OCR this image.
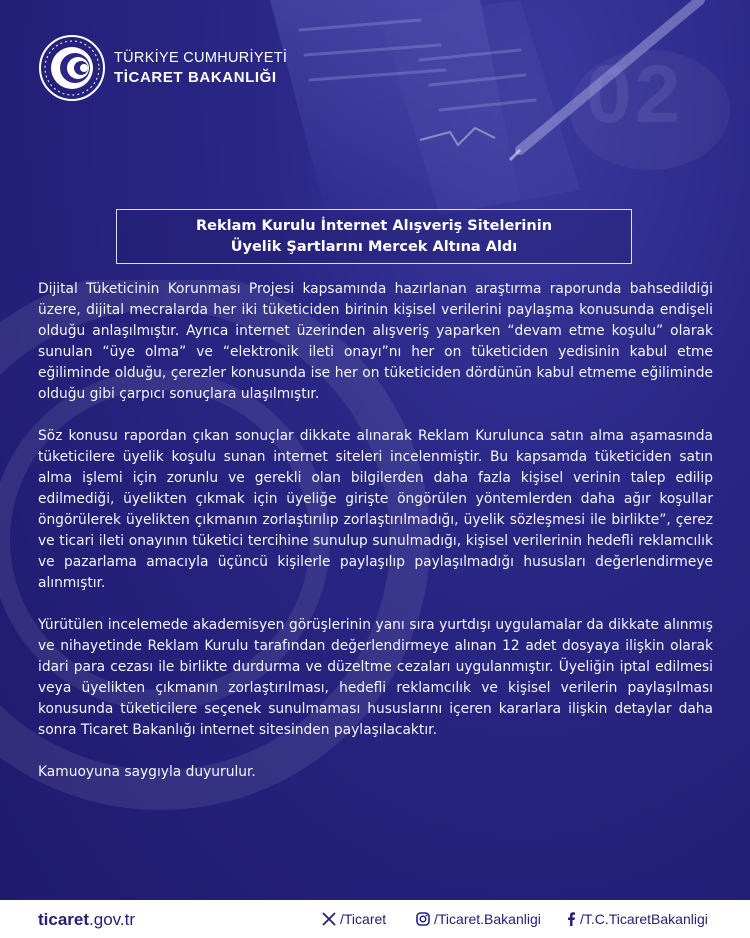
02
TÜRKİYE CUMHURİYETİ
TİCARET BAKANLIĞI
Reklam Kurulu İnternet Alışveriş Sitelerinin
Üyelik Şartlarını Mercek Altına Aldı

Dijital Tüketicinin Korunması Projesi kapsamında hazırlanan araştırma raporunda bahsedildiği üzere, dijital mecralarda her iki tüketiciden birinin kişisel verilerini paylaşma konusunda endişeli olduğu anlaşılmıştır. Ayrıca internet üzerinden alışveriş yaparken “devam etme koşulu” olarak sunulan “üye olma” ve “elektronik ileti onayı”nı her on tüketiciden yedisinin kabul etme eğiliminde olduğu, çerezler konusunda ise her on tüketiciden dördünün kabul etmeme eğiliminde olduğu gibi çarpıcı sonuçlara ulaşılmıştır.

Söz konusu rapordan çıkan sonuçlar dikkate alınarak Reklam Kurulunca satın alma aşamasında tüketicilere üyelik koşulu sunan internet siteleri incelenmiştir. Bu kapsamda tüketiciden satın alma işlemi için zorunlu ve gerekli olan bilgilerden daha fazla kişisel verinin talep edilip edilmediği, üyelikten çıkmak için üyeliğe girişte öngörülen yöntemlerden daha ağır koşullar öngörülerek üyelikten çıkmanın zorlaştırılıp zorlaştırılmadığı, üyelik sözleşmesi ile birlikte”, çerez ve ticari ileti onayının tüketici tercihine sunulup sunulmadığı, kişisel verilerinin hedefli reklamcılık ve pazarlama amacıyla üçüncü kişilerle paylaşılıp paylaşılmadığı hususları değerlendirmeye alınmıştır.

Yürütülen incelemede akademisyen görüşlerinin yanı sıra yurtdışı uygulamalar da dikkate alınmış ve nihayetinde Reklam Kurulu tarafından değerlendirmeye alınan 12 adet dosyaya ilişkin olarak idari para cezası ile birlikte durdurma ve düzeltme cezaları uygulanmıştır. Üyeliğin iptal edilmesi veya üyelikten çıkmanın zorlaştırılması, hedefli reklamcılık ve kişisel verilerin paylaşılması konusunda tüketicilere seçenek sunulmaması hususlarını içeren kararlara ilişkin detaylar daha sonra Ticaret Bakanlığı internet sitesinden paylaşılacaktır.

Kamuoyuna saygıyla duyurulur.

ticaret.gov.tr	/Ticaret	/Ticaret.Bakanligi	/T.C.TicaretBakanligi
